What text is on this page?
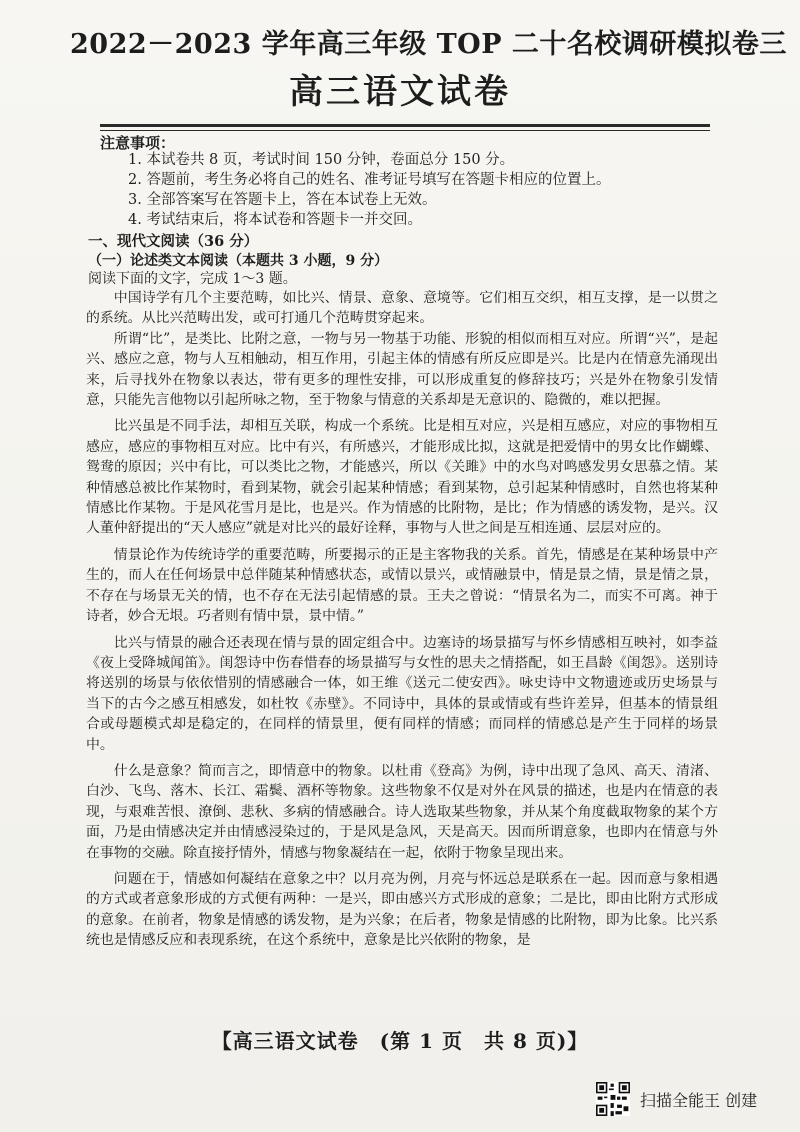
2022－2023 学年高三年级 TOP 二十名校调研模拟卷三
高三语文试卷
注意事项：
1. 本试卷共 8 页，考试时间 150 分钟，卷面总分 150 分。
2. 答题前，考生务必将自己的姓名、准考证号填写在答题卡相应的位置上。
3. 全部答案写在答题卡上，答在本试卷上无效。
4. 考试结束后，将本试卷和答题卡一并交回。
一、现代文阅读（36 分）
（一）论述类文本阅读（本题共 3 小题，9 分）
阅读下面的文字，完成 1～3 题。

中国诗学有几个主要范畴，如比兴、情景、意象、意境等。它们相互交织，相互支撑，是一以贯之的系统。从比兴范畴出发，或可打通几个范畴贯穿起来。

所谓“比”，是类比、比附之意，一物与另一物基于功能、形貌的相似而相互对应。所谓“兴”，是起兴、感应之意，物与人互相触动，相互作用，引起主体的情感有所反应即是兴。比是内在情意先涌现出来，后寻找外在物象以表达，带有更多的理性安排，可以形成重复的修辞技巧；兴是外在物象引发情意，只能先言他物以引起所咏之物，至于物象与情意的关系却是无意识的、隐微的，难以把握。

比兴虽是不同手法，却相互关联，构成一个系统。比是相互对应，兴是相互感应，对应的事物相互感应，感应的事物相互对应。比中有兴，有所感兴，才能形成比拟，这就是把爱情中的男女比作蝴蝶、鸳鸯的原因；兴中有比，可以类比之物，才能感兴，所以《关雎》中的水鸟对鸣感发男女思慕之情。某种情感总被比作某物时，看到某物，就会引起某种情感；看到某物，总引起某种情感时，自然也将某种情感比作某物。于是风花雪月是比，也是兴。作为情感的比附物，是比；作为情感的诱发物，是兴。汉人董仲舒提出的“天人感应”就是对比兴的最好诠释，事物与人世之间是互相连通、层层对应的。

情景论作为传统诗学的重要范畴，所要揭示的正是主客物我的关系。首先，情感是在某种场景中产生的，而人在任何场景中总伴随某种情感状态，或情以景兴，或情融景中，情是景之情，景是情之景，不存在与场景无关的情，也不存在无法引起情感的景。王夫之曾说：“情景名为二，而实不可离。神于诗者，妙合无垠。巧者则有情中景，景中情。”

比兴与情景的融合还表现在情与景的固定组合中。边塞诗的场景描写与怀乡情感相互映衬，如李益《夜上受降城闻笛》。闺怨诗中伤春惜春的场景描写与女性的思夫之情搭配，如王昌龄《闺怨》。送别诗将送别的场景与依依惜别的情感融合一体，如王维《送元二使安西》。咏史诗中文物遗迹或历史场景与当下的古今之感互相感发，如杜牧《赤壁》。不同诗中，具体的景或情或有些许差异，但基本的情景组合或母题模式却是稳定的，在同样的情景里，便有同样的情感；而同样的情感总是产生于同样的场景中。

什么是意象？简而言之，即情意中的物象。以杜甫《登高》为例，诗中出现了急风、高天、清渚、白沙、飞鸟、落木、长江、霜鬓、酒杯等物象。这些物象不仅是对外在风景的描述，也是内在情意的表现，与艰难苦恨、潦倒、悲秋、多病的情感融合。诗人选取某些物象，并从某个角度截取物象的某个方面，乃是由情感决定并由情感浸染过的，于是风是急风，天是高天。因而所谓意象，也即内在情意与外在事物的交融。除直接抒情外，情感与物象凝结在一起，依附于物象呈现出来。

问题在于，情感如何凝结在意象之中？以月亮为例，月亮与怀远总是联系在一起。因而意与象相遇的方式或者意象形成的方式便有两种：一是兴，即由感兴方式形成的意象；二是比，即由比附方式形成的意象。在前者，物象是情感的诱发物，是为兴象；在后者，物象是情感的比附物，即为比象。比兴系统也是情感反应和表现系统，在这个系统中，意象是比兴依附的物象，是

【高三语文试卷　(第 1 页　共 8 页)】
扫描全能王 创建
